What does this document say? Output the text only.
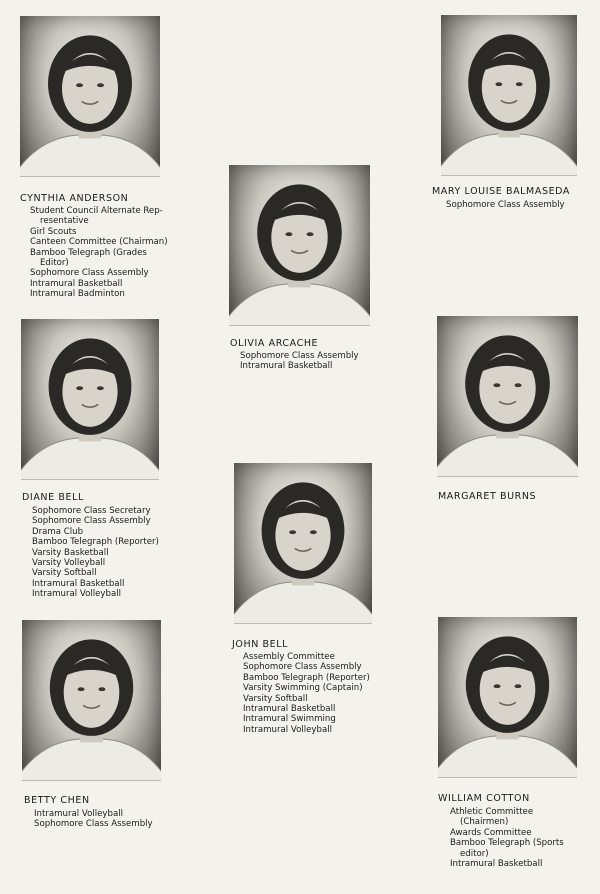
CYNTHIA ANDERSON
Student Council Alternate Rep-
resentative
Girl Scouts
Canteen Committee (Chairman)
Bamboo Telegraph (Grades
Editor)
Sophomore Class Assembly
Intramural Basketball
Intramural Badminton
MARY LOUISE BALMASEDA
Sophomore Class Assembly
OLIVIA ARCACHE
Sophomore Class Assembly
Intramural Basketball
DIANE BELL
Sophomore Class Secretary
Sophomore Class Assembly
Drama Club
Bamboo Telegraph (Reporter)
Varsity Basketball
Varsity Volleyball
Varsity Softball
Intramural Basketball
Intramural Volleyball
MARGARET BURNS
JOHN BELL
Assembly Committee
Sophomore Class Assembly
Bamboo Telegraph (Reporter)
Varsity Swimming (Captain)
Varsity Softball
Intramural Basketball
Intramural Swimming
Intramural Volleyball
BETTY CHEN
Intramural Volleyball
Sophomore Class Assembly
WILLIAM COTTON
Athletic Committee
(Chairmen)
Awards Committee
Bamboo Telegraph (Sports
editor)
Intramural Basketball
